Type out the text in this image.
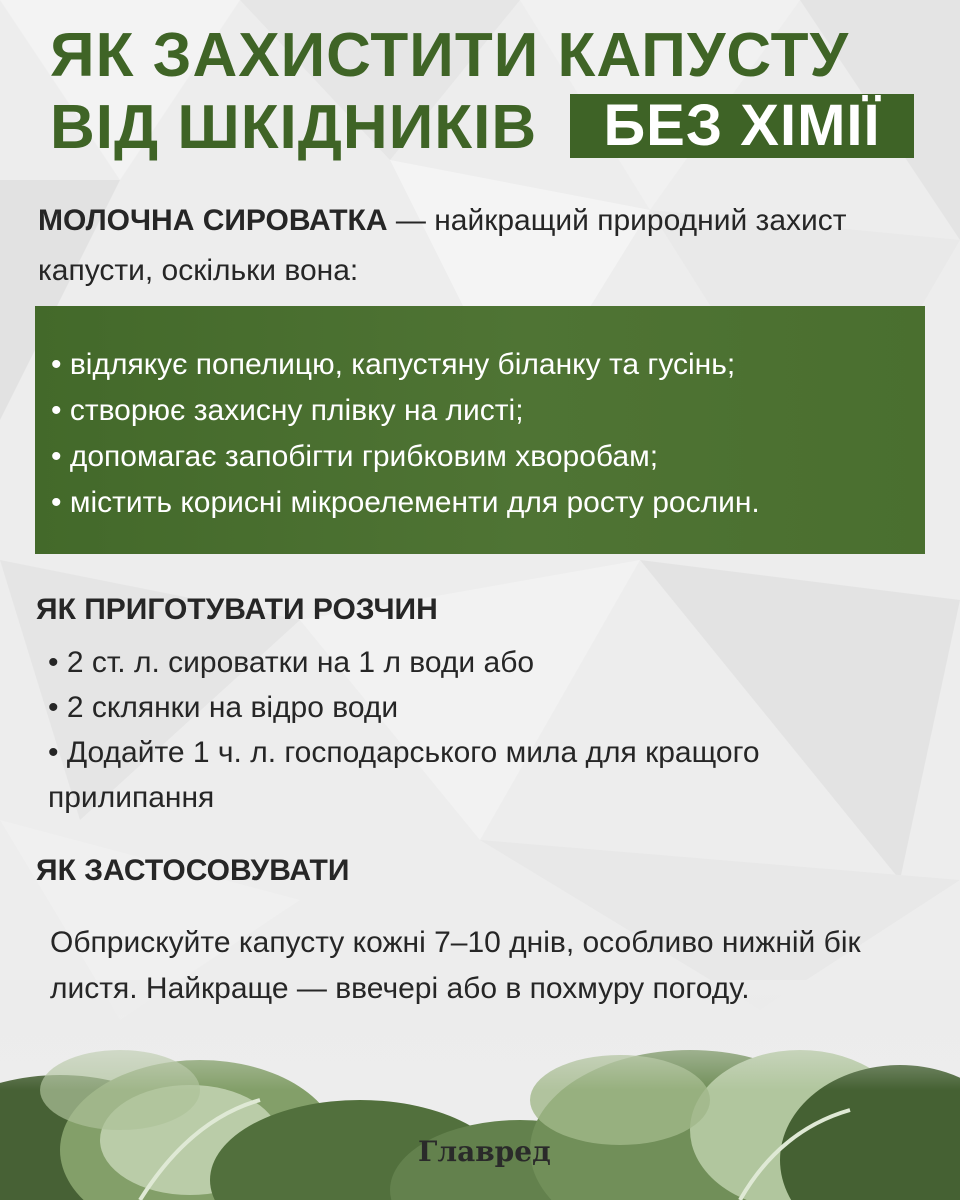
ЯК ЗАХИСТИТИ КАПУСТУ
ВІД ШКІДНИКІВ	БЕЗ ХІМІЇ
МОЛОЧНА СИРОВАТКА — найкращий природний захист капусти, оскільки вона:
• відлякує попелицю, капустяну біланку та гусінь;
• створює захисну плівку на листі;
• допомагає запобігти грибковим хворобам;
• містить корисні мікроелементи для росту рослин.
ЯК ПРИГОТУВАТИ РОЗЧИН
• 2 ст. л. сироватки на 1 л води або
• 2 склянки на відро води
• Додайте 1 ч. л. господарського мила для кращого прилипання
ЯК ЗАСТОСОВУВАТИ

Обприскуйте капусту кожні 7–10 днів, особливо нижній бік листя. Найкраще — ввечері або в похмуру погоду.

Главред
